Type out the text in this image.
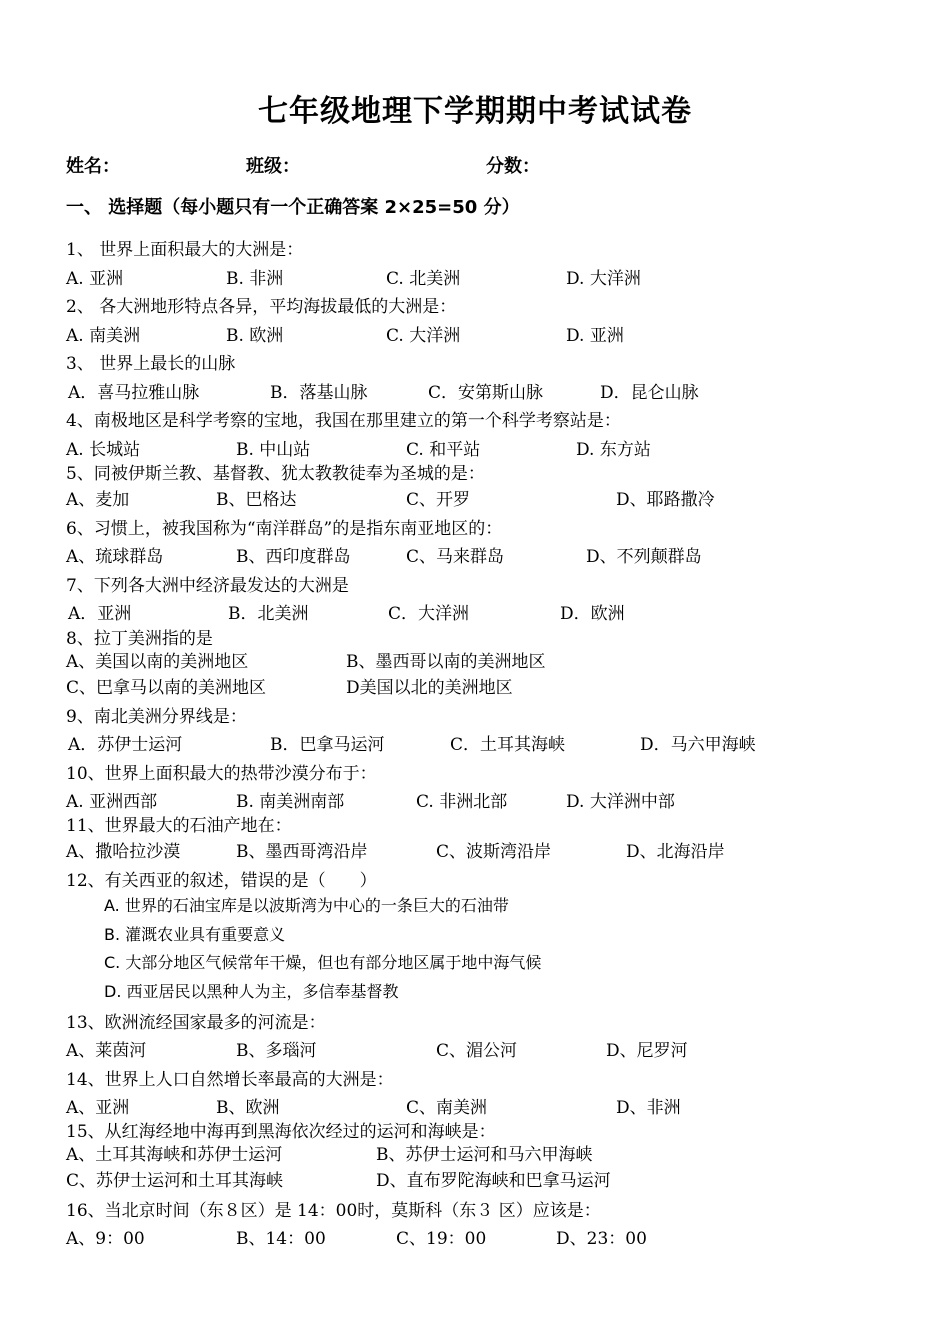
七年级地理下学期期中考试试卷
姓名：	班级：	分数：
一、 选择题（每小题只有一个正确答案 2×25=50 分）
1、 世界上面积最大的大洲是：
A. 亚洲	B. 非洲	C. 北美洲	D. 大洋洲
2、 各大洲地形特点各异，平均海拔最低的大洲是：
A. 南美洲	B. 欧洲	C. 大洋洲	D. 亚洲
3、 世界上最长的山脉
A．喜马拉雅山脉	B．落基山脉	C．安第斯山脉	D．昆仑山脉
4、南极地区是科学考察的宝地，我国在那里建立的第一个科学考察站是：
A. 长城站	B. 中山站	C. 和平站	D. 东方站
5、同被伊斯兰教、基督教、犹太教教徒奉为圣城的是：
A、麦加	B、巴格达	C、开罗	D、耶路撒冷
6、习惯上，被我国称为“南洋群岛”的是指东南亚地区的：
A、琉球群岛	B、西印度群岛	C、马来群岛	D、不列颠群岛
7、下列各大洲中经济最发达的大洲是
A．亚洲	B．北美洲	C．大洋洲	D．欧洲
8、拉丁美洲指的是
A、美国以南的美洲地区	B、墨西哥以南的美洲地区
C、巴拿马以南的美洲地区	D美国以北的美洲地区
9、南北美洲分界线是：
A．苏伊士运河	B．巴拿马运河	C．土耳其海峡	D．马六甲海峡
10、世界上面积最大的热带沙漠分布于：
A. 亚洲西部	B. 南美洲南部	C. 非洲北部	D. 大洋洲中部
11、世界最大的石油产地在：
A、撒哈拉沙漠	B、墨西哥湾沿岸	C、波斯湾沿岸	D、北海沿岸
12、有关西亚的叙述，错误的是（　　）
A. 世界的石油宝库是以波斯湾为中心的一条巨大的石油带
B. 灌溉农业具有重要意义
C. 大部分地区气候常年干燥，但也有部分地区属于地中海气候
D. 西亚居民以黑种人为主，多信奉基督教
13、欧洲流经国家最多的河流是：
A、莱茵河	B、多瑙河	C、湄公河	D、尼罗河
14、世界上人口自然增长率最高的大洲是：
A、亚洲	B、欧洲	C、南美洲	D、非洲
15、从红海经地中海再到黑海依次经过的运河和海峡是：
A、土耳其海峡和苏伊士运河	B、苏伊士运河和马六甲海峡
C、苏伊士运河和土耳其海峡	D、直布罗陀海峡和巴拿马运河
16、当北京时间（东８区）是 14：00时，莫斯科（东３ 区）应该是：
A、9：00	B、14：00	C、19：00	D、23：00
